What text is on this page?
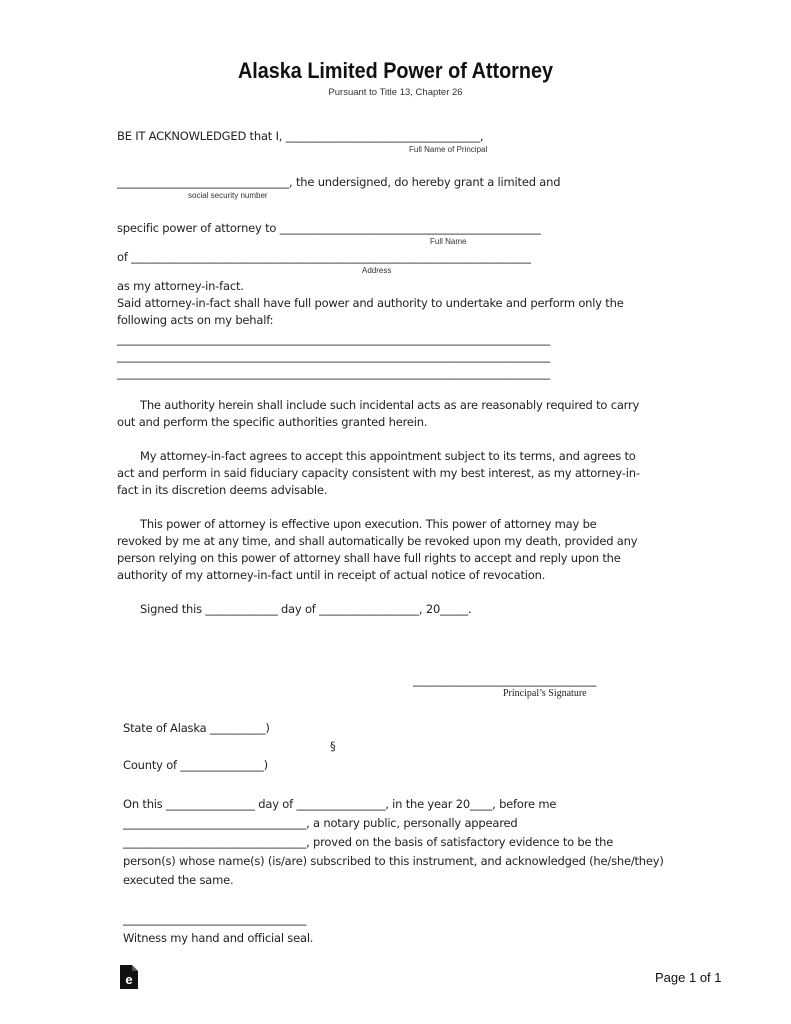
Alaska Limited Power of Attorney
Pursuant to Title 13, Chapter 26
BE IT ACKNOWLEDGED that I, ___________________________________,
Full Name of Principal
_______________________________, the undersigned, do hereby grant a limited and
social security number
specific power of attorney to _______________________________________________
Full Name
of ________________________________________________________________________
Address
as my attorney-in-fact.
Said attorney-in-fact shall have full power and authority to undertake and perform only the
following acts on my behalf:
______________________________________________________________________________
______________________________________________________________________________
______________________________________________________________________________
The authority herein shall include such incidental acts as are reasonably required to carry
out and perform the specific authorities granted herein.
My attorney-in-fact agrees to accept this appointment subject to its terms, and agrees to
act and perform in said fiduciary capacity consistent with my best interest, as my attorney-in-
fact in its discretion deems advisable.
This power of attorney is effective upon execution. This power of attorney may be
revoked by me at any time, and shall automatically be revoked upon my death, provided any
person relying on this power of attorney shall have full rights to accept and reply upon the
authority of my attorney-in-fact until in receipt of actual notice of revocation.
Signed this _____________ day of __________________, 20_____.
_________________________________
Principal’s Signature
State of Alaska __________)
§
County of _______________)
On this ________________ day of ________________, in the year 20____, before me
_________________________________, a notary public, personally appeared
_________________________________, proved on the basis of satisfactory evidence to be the
person(s) whose name(s) (is/are) subscribed to this instrument, and acknowledged (he/she/they)
executed the same.
_________________________________
Witness my hand and official seal.
e	Page 1 of 1
